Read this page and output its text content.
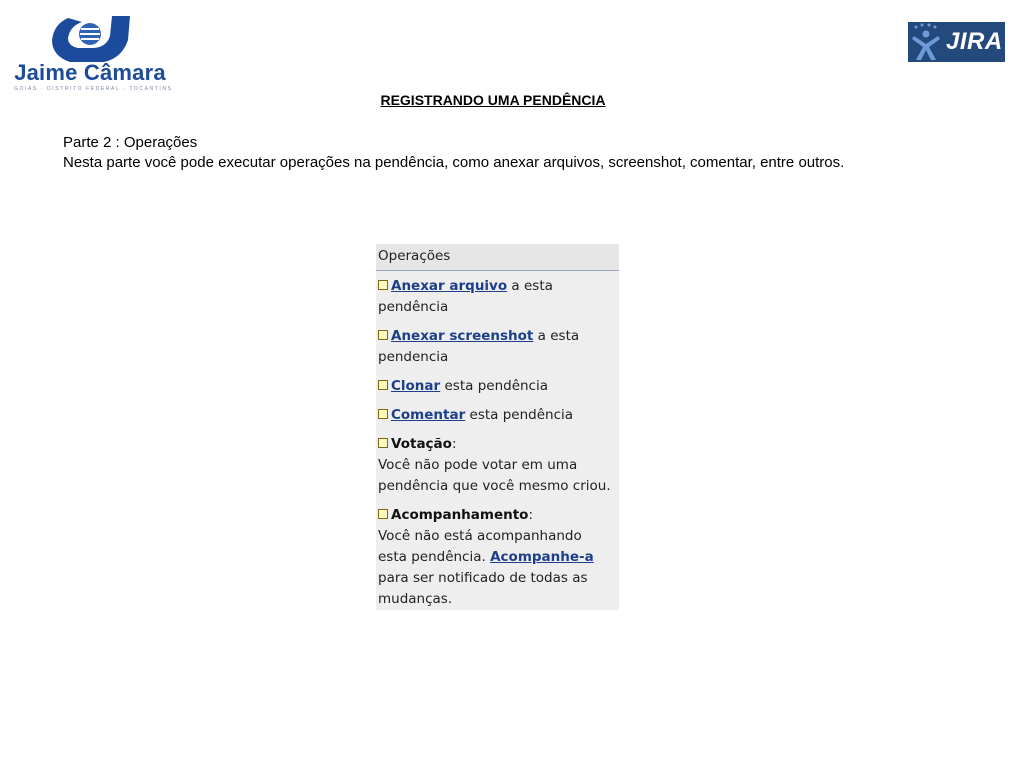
Jaime Câmara
GOIÁS · DISTRITO FEDERAL · TOCANTINS
JIRA
REGISTRANDO UMA PENDÊNCIA
Parte 2 : Operações
Nesta parte você pode executar operações na pendência, como anexar arquivos, screenshot, comentar, entre outros.
Operações
Anexar arquivo a esta
pendência
Anexar screenshot a esta
pendencia
Clonar esta pendência
Comentar esta pendência
Votação:
Você não pode votar em uma
pendência que você mesmo criou.
Acompanhamento:
Você não está acompanhando
esta pendência. Acompanhe-a
para ser notificado de todas as
mudanças.
